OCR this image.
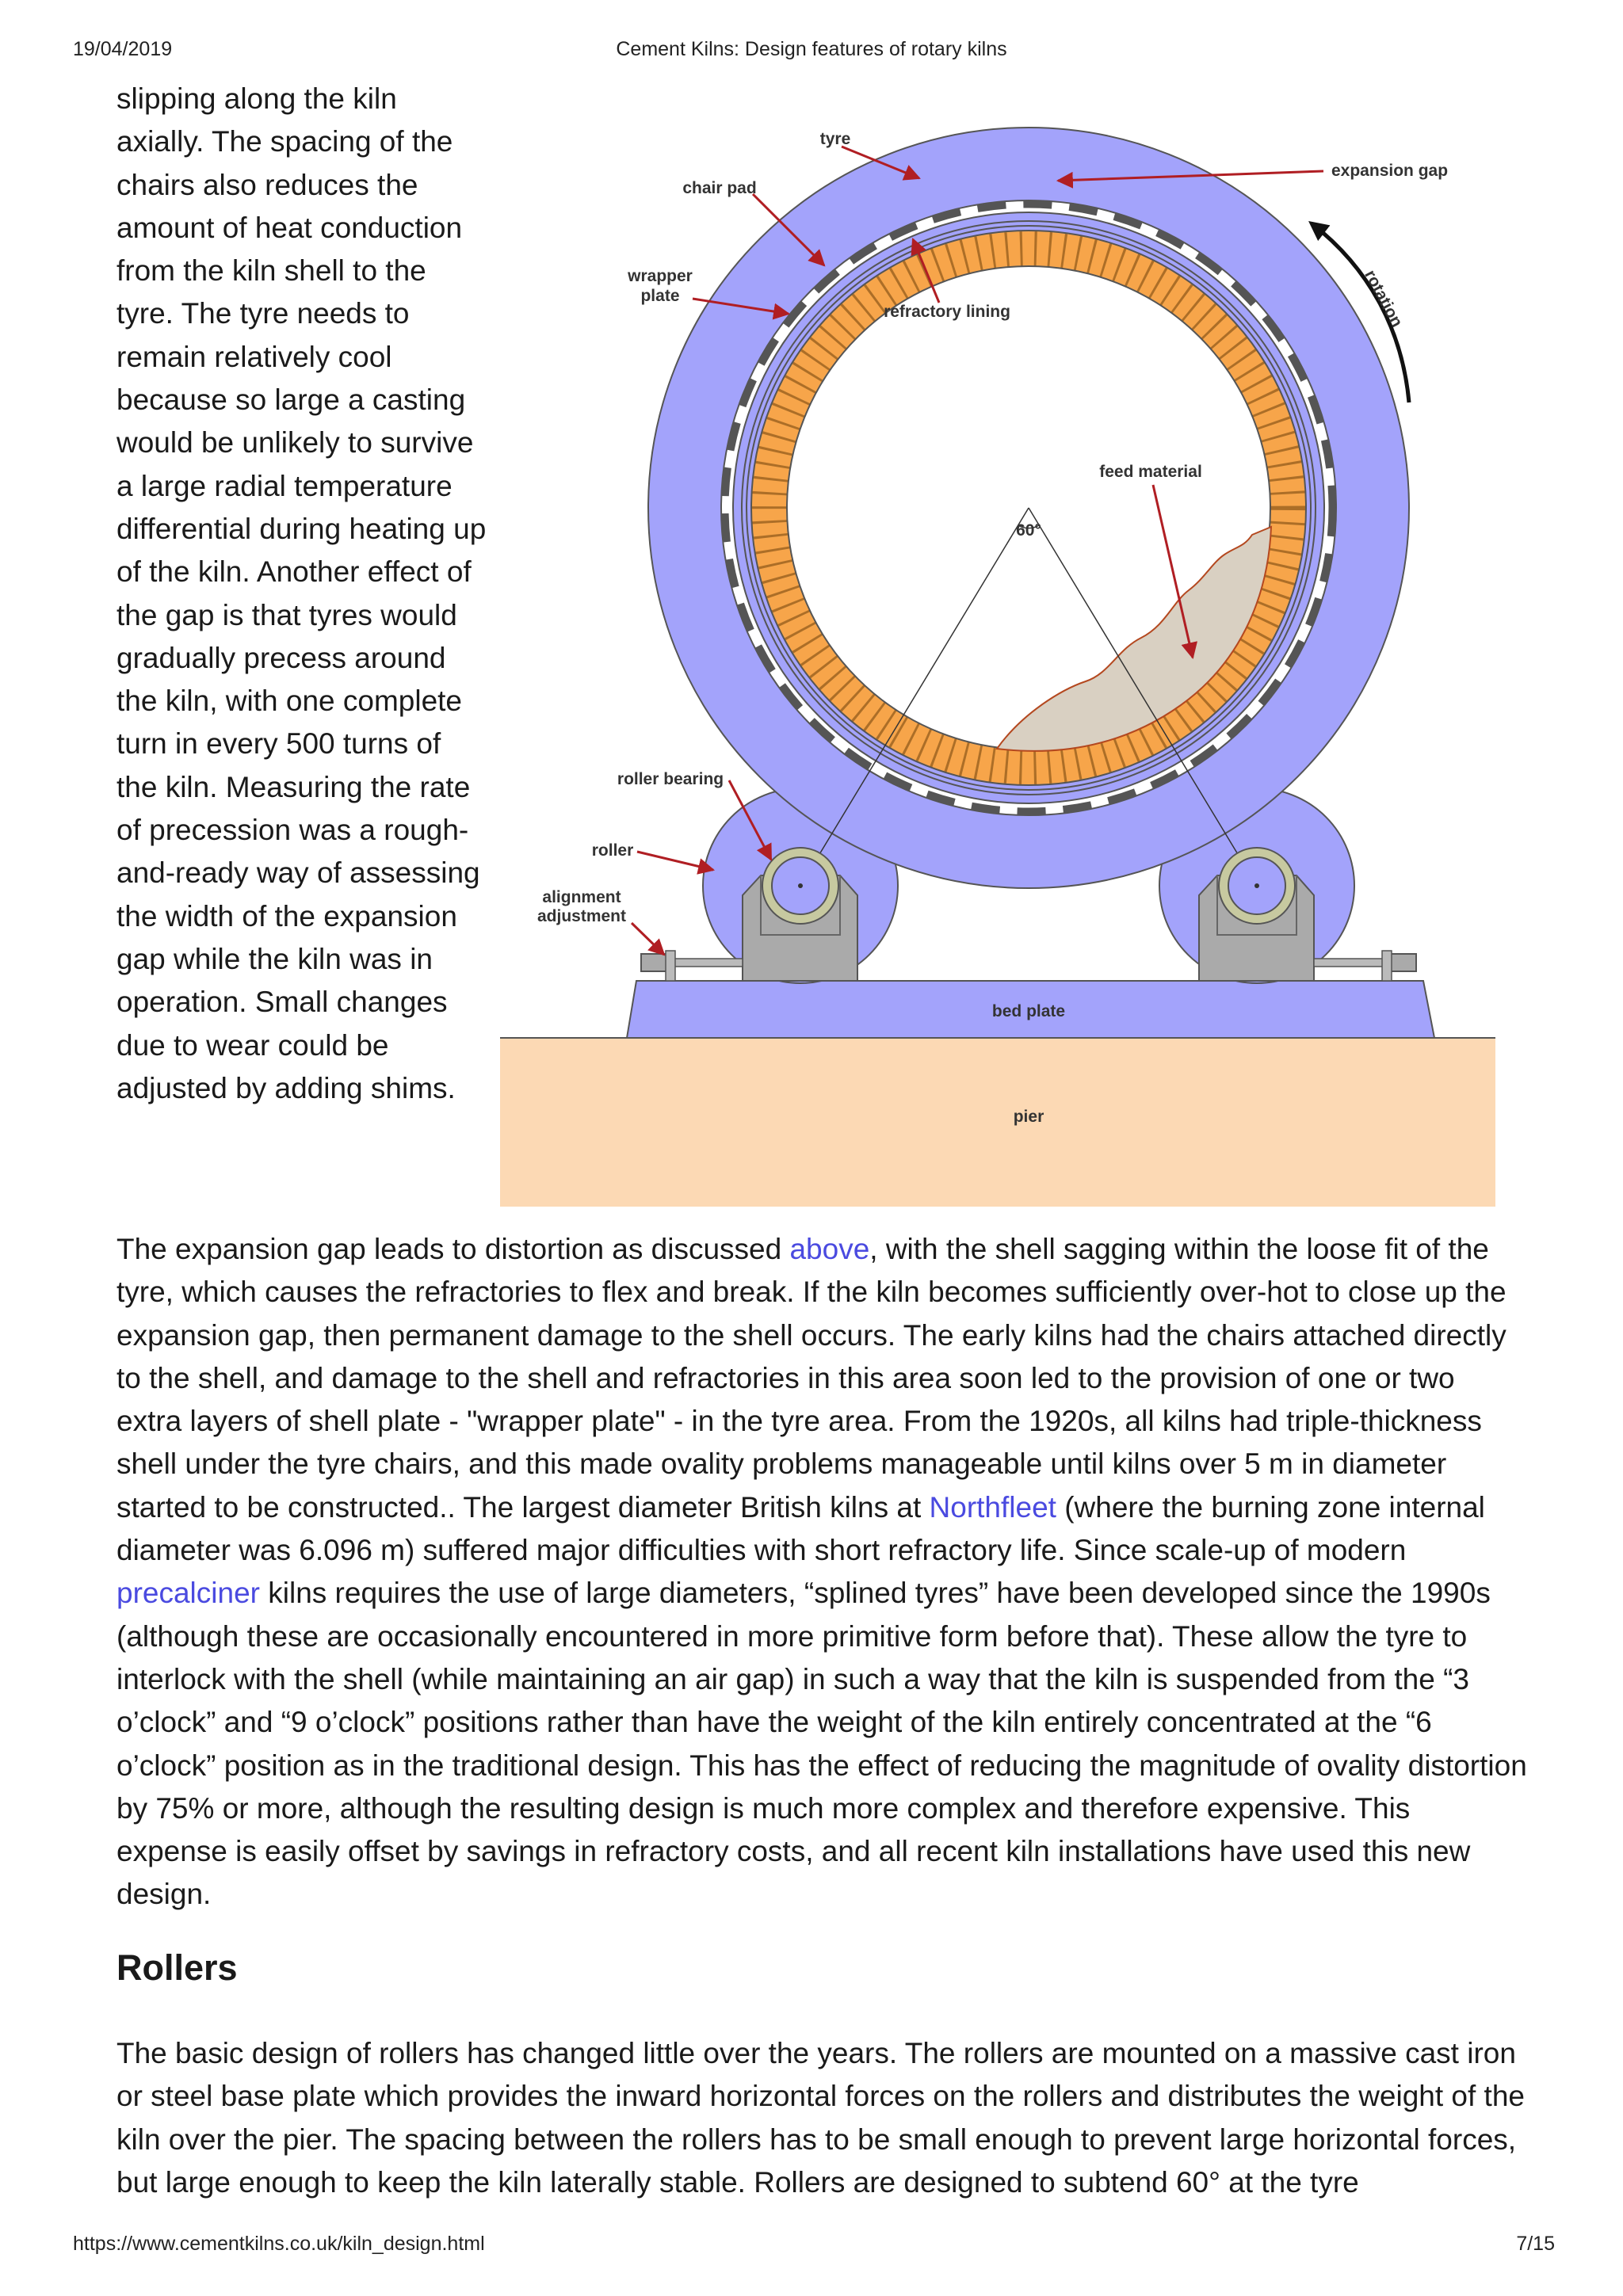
19/04/2019	Cement Kilns: Design features of rotary kilns

slipping along the kiln axially. The spacing of the chairs also reduces the amount of heat conduction from the kiln shell to the tyre. The tyre needs to remain relatively cool because so large a casting would be unlikely to survive a large radial temperature differential during heating up of the kiln. Another effect of the gap is that tyres would gradually precess around the kiln, with one complete turn in every 500 turns of the kiln. Measuring the rate of precession was a rough-and-ready way of assessing the width of the expansion gap while the kiln was in operation. Small changes due to wear could be adjusted by adding shims.

60°
tyre
chair pad
expansion gap
wrapper
plate
refractory lining	rotation
feed material
roller bearing
roller
alignment
adjustment
bed plate
pier

The expansion gap leads to distortion as discussed above, with the shell sagging within the loose fit of the tyre, which causes the refractories to flex and break. If the kiln becomes sufficiently over-hot to close up the expansion gap, then permanent damage to the shell occurs. The early kilns had the chairs attached directly to the shell, and damage to the shell and refractories in this area soon led to the provision of one or two extra layers of shell plate - "wrapper plate" - in the tyre area. From the 1920s, all kilns had triple-thickness shell under the tyre chairs, and this made ovality problems manageable until kilns over 5 m in diameter started to be constructed.. The largest diameter British kilns at Northfleet (where the burning zone internal diameter was 6.096 m) suffered major difficulties with short refractory life. Since scale-up of modern precalciner kilns requires the use of large diameters, “splined tyres” have been developed since the 1990s (although these are occasionally encountered in more primitive form before that). These allow the tyre to interlock with the shell (while maintaining an air gap) in such a way that the kiln is suspended from the “3 o’clock” and “9 o’clock” positions rather than have the weight of the kiln entirely concentrated at the “6 o’clock” position as in the traditional design. This has the effect of reducing the magnitude of ovality distortion by 75% or more, although the resulting design is much more complex and therefore expensive. This expense is easily offset by savings in refractory costs, and all recent kiln installations have used this new design.

Rollers

The basic design of rollers has changed little over the years. The rollers are mounted on a massive cast iron or steel base plate which provides the inward horizontal forces on the rollers and distributes the weight of the kiln over the pier. The spacing between the rollers has to be small enough to prevent large horizontal forces, but large enough to keep the kiln laterally stable. Rollers are designed to subtend 60° at the tyre

https://www.cementkilns.co.uk/kiln_design.html	7/15
